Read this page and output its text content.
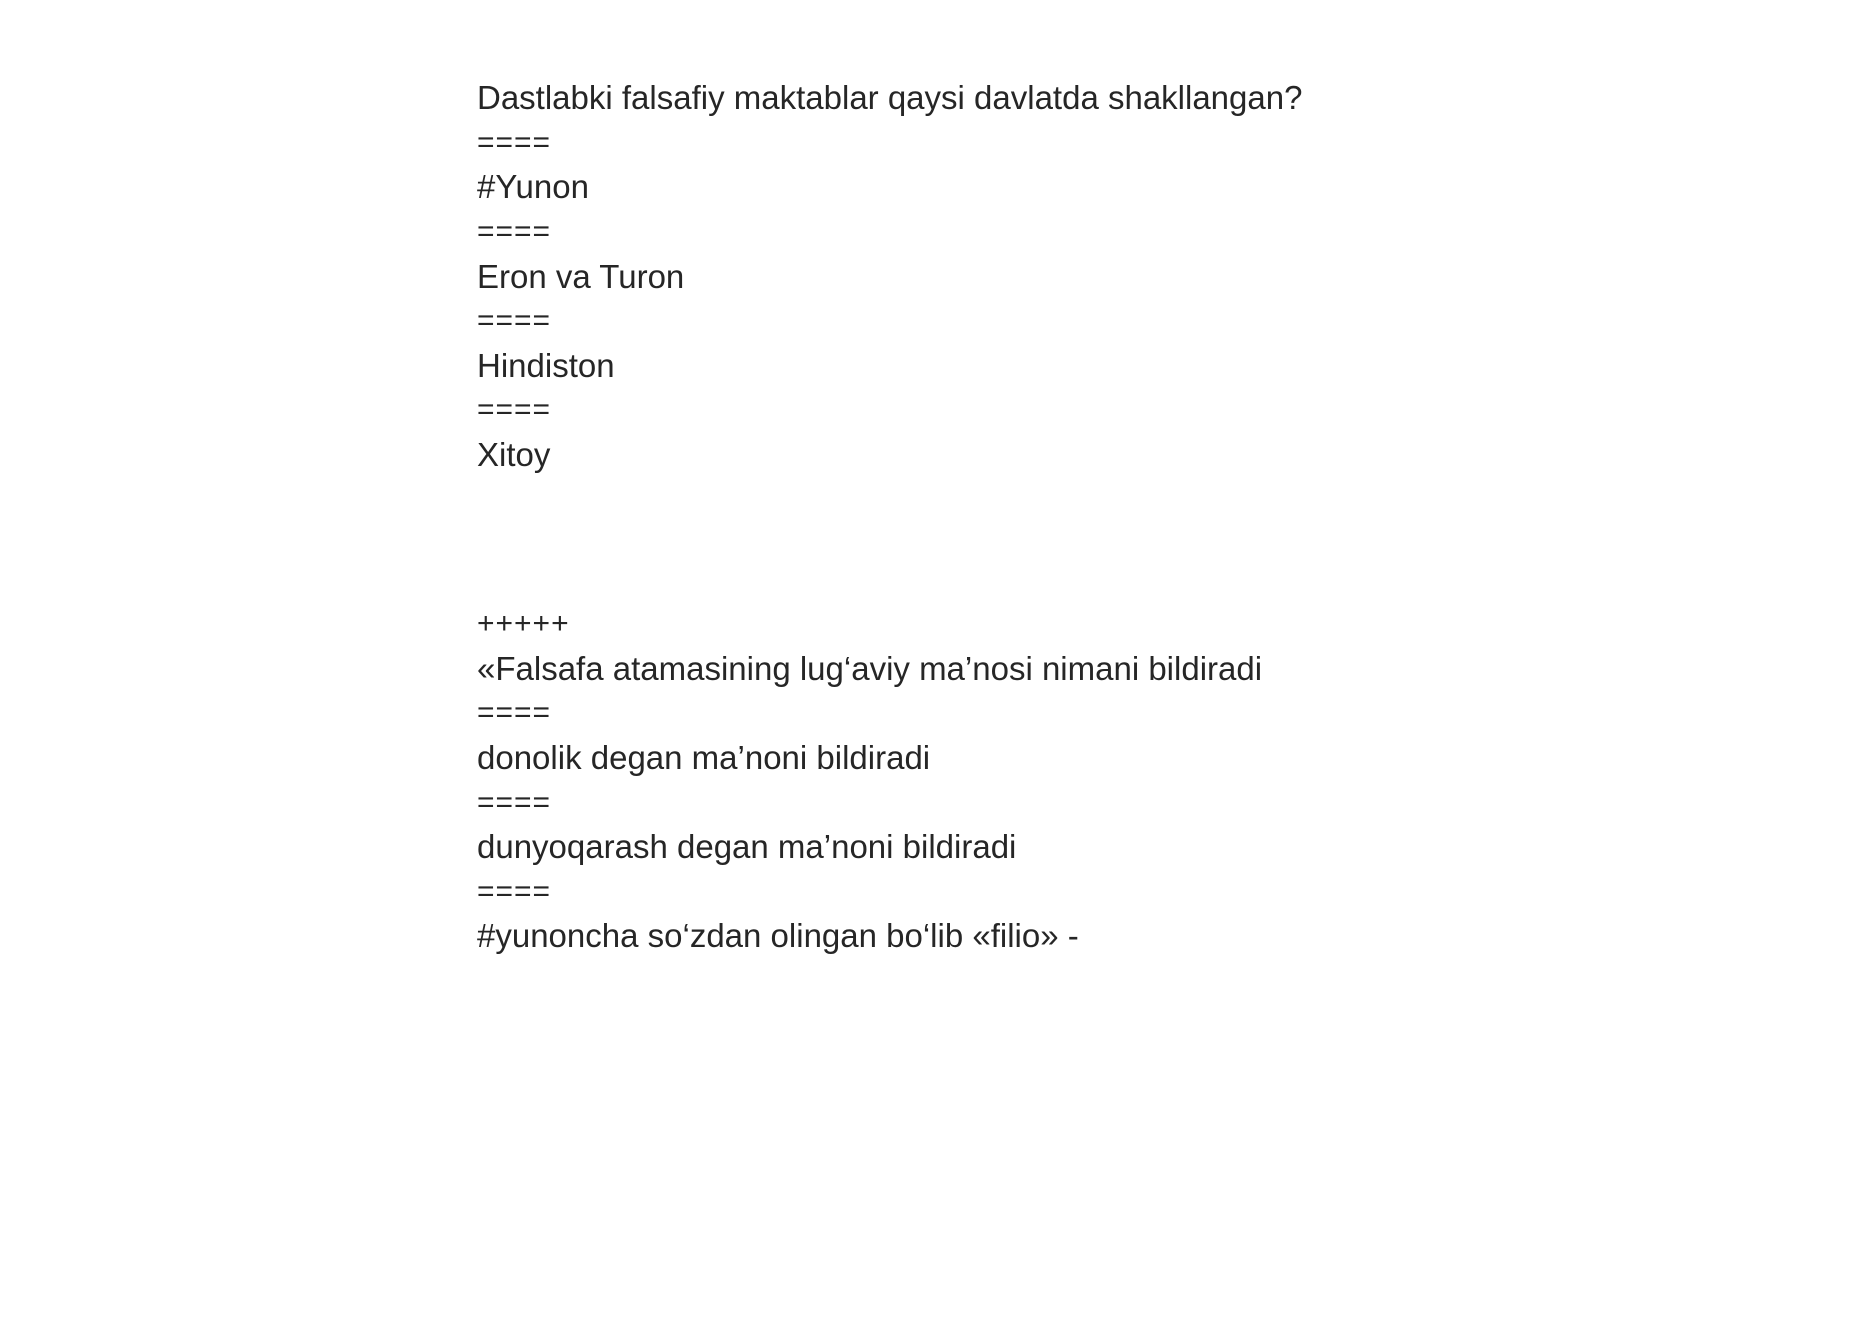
Dastlabki falsafiy maktablar qaysi davlatda shakllangan?
====
#Yunon
====
Eron va Turon
====
Hindiston
====
Xitoy
+++++
«Falsafa atamasining lug‘aviy ma’nosi nimani bildiradi
====
donolik degan ma’noni bildiradi
====
dunyoqarash degan ma’noni bildiradi
====
#yunoncha so‘zdan olingan bo‘lib «filio» -
